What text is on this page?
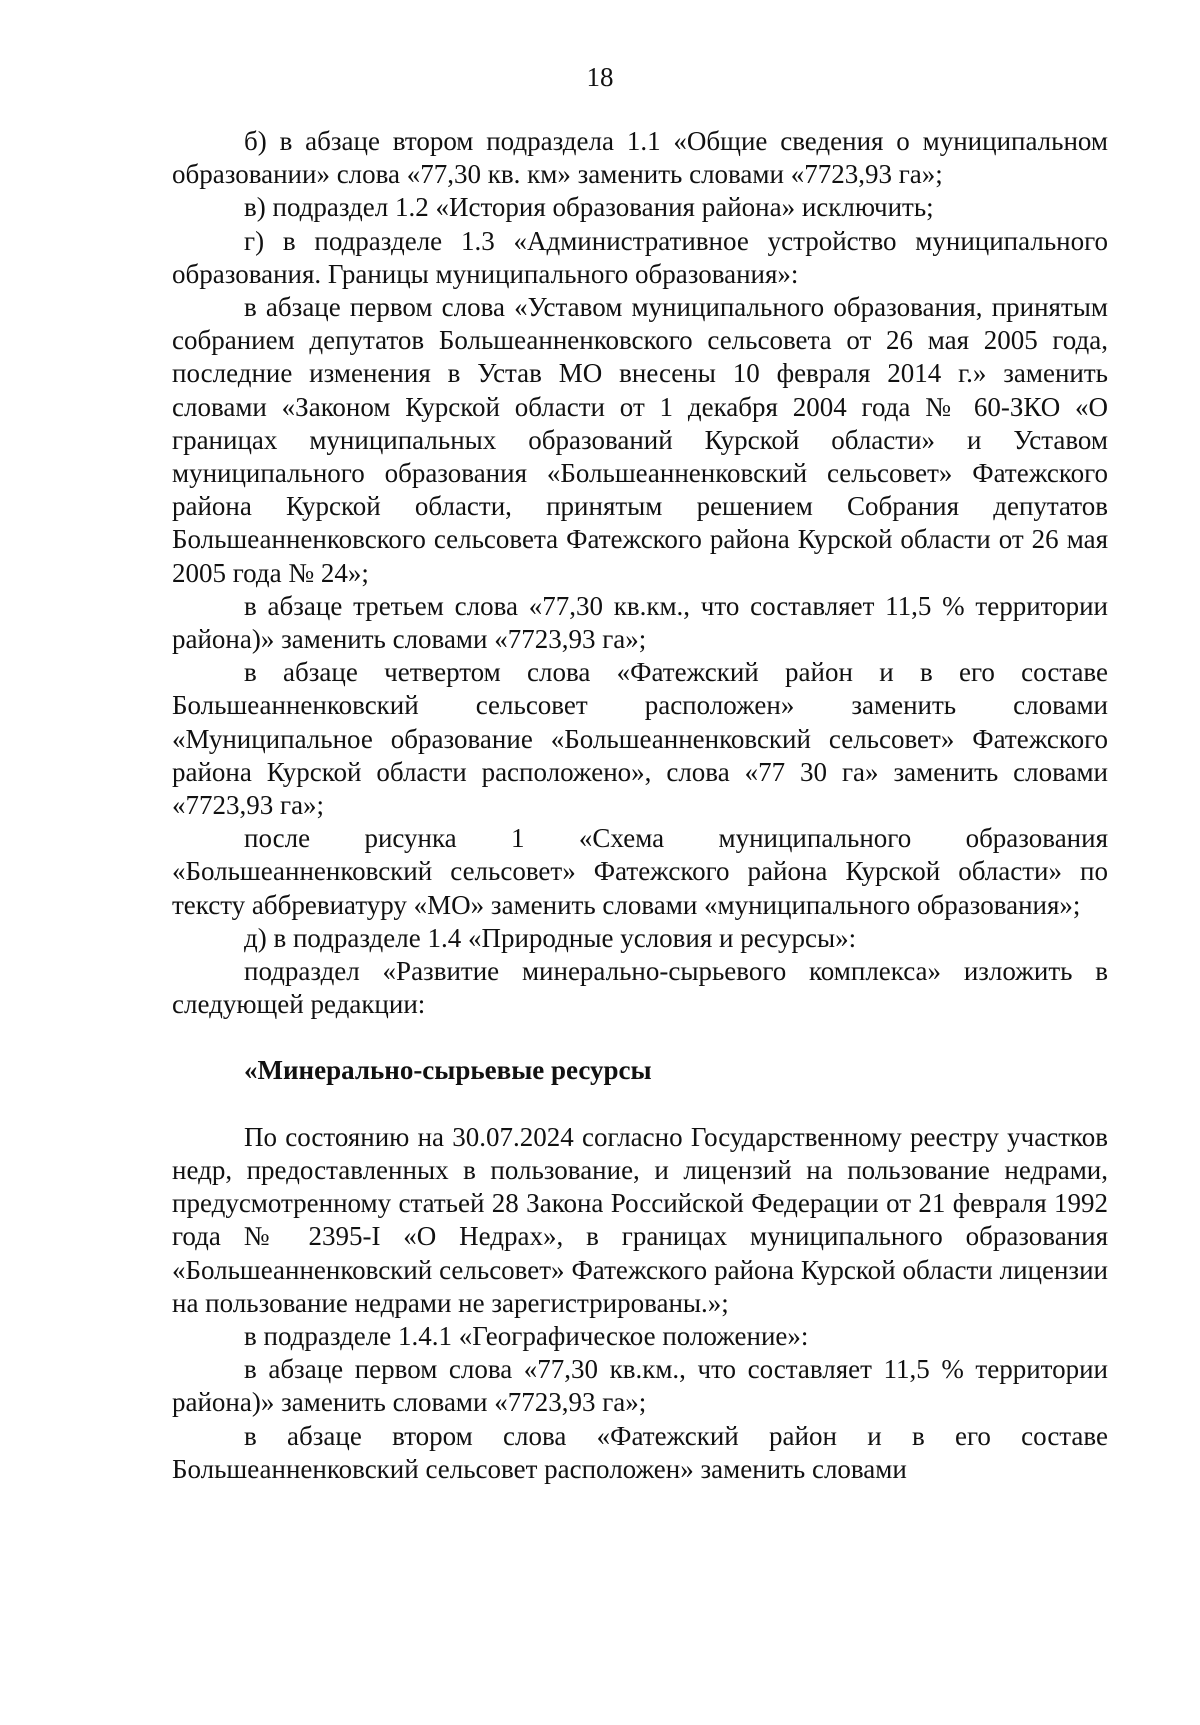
18

б) в абзаце втором подраздела 1.1 «Общие сведения о муниципальном образовании» слова «77,30 кв. км» заменить словами «7723,93 га»;

в) подраздел 1.2 «История образования района» исключить;

г) в подразделе 1.3 «Административное устройство муниципального образования. Границы муниципального образования»:

в абзаце первом слова «Уставом муниципального образования, принятым собранием депутатов Большеанненковского сельсовета от 26 мая 2005 года, последние изменения в Устав МО внесены 10 февраля 2014 г.» заменить словами «Законом Курской области от 1 декабря 2004 года № 60-ЗКО «О границах муниципальных образований Курской области» и Уставом муниципального образования «Большеанненковский сельсовет» Фатежского района Курской области, принятым решением Собрания депутатов Большеанненковского сельсовета Фатежского района Курской области от 26 мая 2005 года № 24»;

в абзаце третьем слова «77,30 кв.км., что составляет 11,5 % территории района)» заменить словами «7723,93 га»;

в абзаце четвертом слова «Фатежский район и в его составе Большеанненковский сельсовет расположен» заменить словами «Муниципальное образование «Большеанненковский сельсовет» Фатежского района Курской области расположено», слова «77 30 га» заменить словами «7723,93 га»;

после рисунка 1 «Схема муниципального образования «Большеанненковский сельсовет» Фатежского района Курской области» по тексту аббревиатуру «МО» заменить словами «муниципального образования»;

д) в подразделе 1.4 «Природные условия и ресурсы»:

подраздел «Развитие минерально-сырьевого комплекса» изложить в следующей редакции:

«Минерально-сырьевые ресурсы

По состоянию на 30.07.2024 согласно Государственному реестру участков недр, предоставленных в пользование, и лицензий на пользование недрами, предусмотренному статьей 28 Закона Российской Федерации от 21 февраля 1992 года № 2395-I «О Недрах», в границах муниципального образования «Большеанненковский сельсовет» Фатежского района Курской области лицензии на пользование недрами не зарегистрированы.»;

в подразделе 1.4.1 «Географическое положение»:

в абзаце первом слова «77,30 кв.км., что составляет 11,5 % территории района)» заменить словами «7723,93 га»;

в абзаце втором слова «Фатежский район и в его составе Большеанненковский сельсовет расположен» заменить словами
